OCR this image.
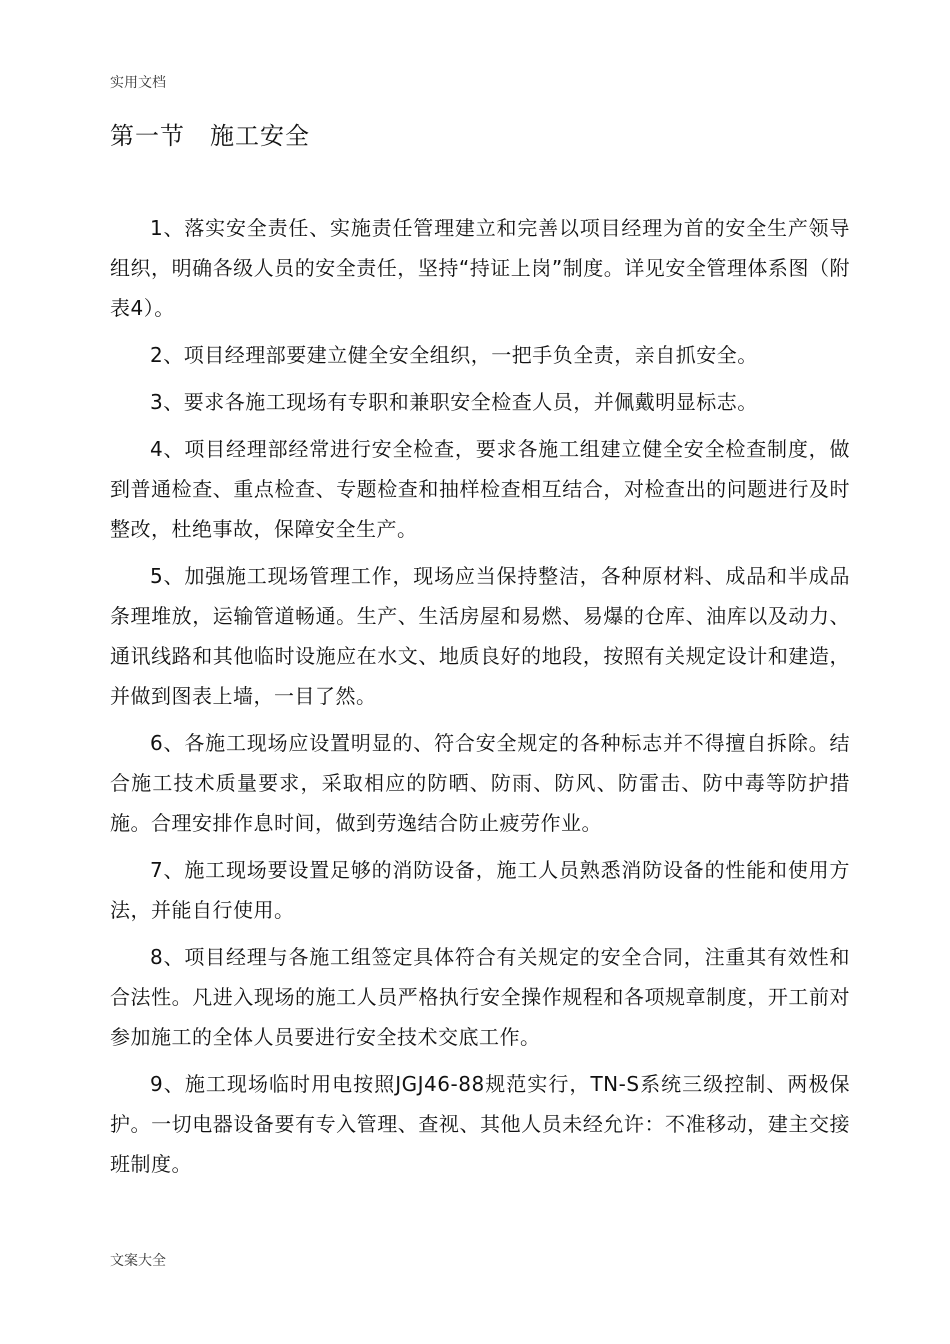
实用文档
第一节　施工安全

1、落实安全责任、实施责任管理建立和完善以项目经理为首的安全生产领导组织，明确各级人员的安全责任，坚持“持证上岗”制度。详见安全管理体系图（附表4）。

2、项目经理部要建立健全安全组织，一把手负全责，亲自抓安全。

3、要求各施工现场有专职和兼职安全检查人员，并佩戴明显标志。

4、项目经理部经常进行安全检查，要求各施工组建立健全安全检查制度，做到普通检查、重点检查、专题检查和抽样检查相互结合，对检查出的问题进行及时整改，杜绝事故，保障安全生产。

5、加强施工现场管理工作，现场应当保持整洁，各种原材料、成品和半成品条理堆放，运输管道畅通。生产、生活房屋和易燃、易爆的仓库、油库以及动力、通讯线路和其他临时设施应在水文、地质良好的地段，按照有关规定设计和建造，并做到图表上墙，一目了然。

6、各施工现场应设置明显的、符合安全规定的各种标志并不得擅自拆除。结合施工技术质量要求，采取相应的防晒、防雨、防风、防雷击、防中毒等防护措施。合理安排作息时间，做到劳逸结合防止疲劳作业。

7、施工现场要设置足够的消防设备，施工人员熟悉消防设备的性能和使用方法，并能自行使用。

8、项目经理与各施工组签定具体符合有关规定的安全合同，注重其有效性和合法性。凡进入现场的施工人员严格执行安全操作规程和各项规章制度，开工前对参加施工的全体人员要进行安全技术交底工作。

9、施工现场临时用电按照JGJ46-88规范实行，TN-S系统三级控制、两极保护。一切电器设备要有专入管理、查视、其他人员未经允许：不准移动，建主交接班制度。

文案大全
